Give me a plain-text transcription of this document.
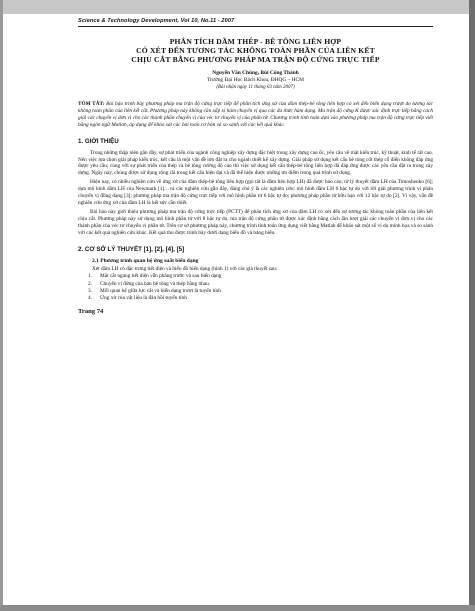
Science & Technology Development, Vol 10, No.11 - 2007
PHÂN TÍCH DẦM THÉP - BÊ TÔNG LIÊN HỢP
CÓ XÉT ĐẾN TƯƠNG TÁC KHÔNG TOÀN PHẦN CỦA LIÊN KẾT
CHỊU CẮT BẰNG PHƯƠNG PHÁP MA TRẬN ĐỘ CỨNG TRỰC TIẾP
Nguyễn Văn Chúng, Bùi Công Thành
Trường Đại Học Bách Khoa, ĐHQG – HCM
(Bài nhận ngày 11 tháng 03 năm 2007)
TÓM TẮT: Bài báo trình bày phương pháp ma trận độ cứng trực tiếp để phân tích ứng xử của dầm thép-bê tông liên hợp có xét đến biến dạng trượt do tương tác không toàn phần của liên kết cắt. Phương pháp này không cần xấp xỉ hàm chuyển vị qua các đa thức hàm dạng. Ma trận độ cứng K được xác định trực tiếp bằng cách giải các chuyển vị đơn vị cho các thành phần chuyển vị của véc tơ chuyển vị của phần tử. Chương trình tính toán dựa vào phương pháp ma trận độ cứng trực tiếp viết bằng ngôn ngữ Matlab, áp dụng để khảo sát các bài toán cơ bản và so sánh với các kết quả khác.
1. GIỚI THIỆU

Trong những thập niên gần đây, sự phát triển của ngành công nghiệp xây dựng đặc biệt trong xây dựng cao ốc, yêu cầu về mặt kiến trúc, kỹ thuật, kinh tế rất cao. Nên việc lựa chọn giải pháp kiến trúc, kết cấu là một vấn đề lớn đặt ra cho ngành thiết kế xây dựng. Giải pháp sử dụng kết cấu bê tông cốt thép cổ điển không đáp ứng được yêu cầu; cùng với sự phát triển của thép và bê tông cường độ cao thì việc sử dụng kết cấu thép-bê tông liên hợp đã đáp ứng được các yêu cầu đặt ra trong xây dựng. Ngày nay, chúng được sử dụng rộng rãi trong kết cấu hiện đại và đã thể hiện được những ưu điểm trong quá trình sử dụng.

Hiện nay, có nhiều nghiên cứu về ứng xử của dầm thép-bê tông liên hợp (gọi tắt là dầm liên hợp LH) đã được báo cáo; từ lý thuyết dầm LH của Timoshenko [6]; dựa mô hình dầm LH của Newmark [1]…và các nghiên cứu gần đây, đáng chú ý là các nghiên cứu: mô hình dầm LH 6 bậc tự do với lời giải phương trình vi phân chuyển vị đồng dạng [3]; phương pháp ma trận độ cứng trực tiếp với mô hình phần tử 6 bậc tự do; phương pháp phần tử hữu hạn với 12 bậc tự do [2]. Vì vậy, vấn đề nghiên cứu ứng xử của dầm LH là hết sức cần thiết.

Bài báo này giới thiệu phương pháp ma trận độ cứng trực tiếp (PCTT) để phân tích ứng xử của dầm LH có xét đến sự tương tác không toàn phần của liên kết chịu cắt. Phương pháp này sử dụng mô hình phần tử với 8 bậc tự do, ma trận độ cứng phần tử được xác định bằng cách lần lượt giải các chuyển vị đơn vị cho các thành phần của véc tơ chuyển vị phần tử. Trên cơ sở phương pháp này, chương trình tính toán ứng dụng viết bằng Matlab để khảo sát một số ví dụ minh họa và so sánh với các kết quả nghiên cứu khác. Kết quả thu được trình bày dưới dạng biểu đồ và bảng biểu.

2. CƠ SỞ LÝ THUYẾT [1], [2], [4], [5]
2.1 Phương trình quan hệ ứng suất biến dạng
Xét dầm LH có đặc trưng tiết diện và biểu đồ biến dạng (hình 1) với các giả thuyết sau:
1.	Mặt cắt ngang tiết diện vẫn phẳng trước và sau biến dạng
2.	Chuyển vị đứng của bản bê tông và thép bằng nhau.
3.	Mối quan hệ giữa lực cắt và biến dạng trượt là tuyến tính
4.	Ứng xử của vật liệu là đàn hồi tuyến tính
Trang 74
